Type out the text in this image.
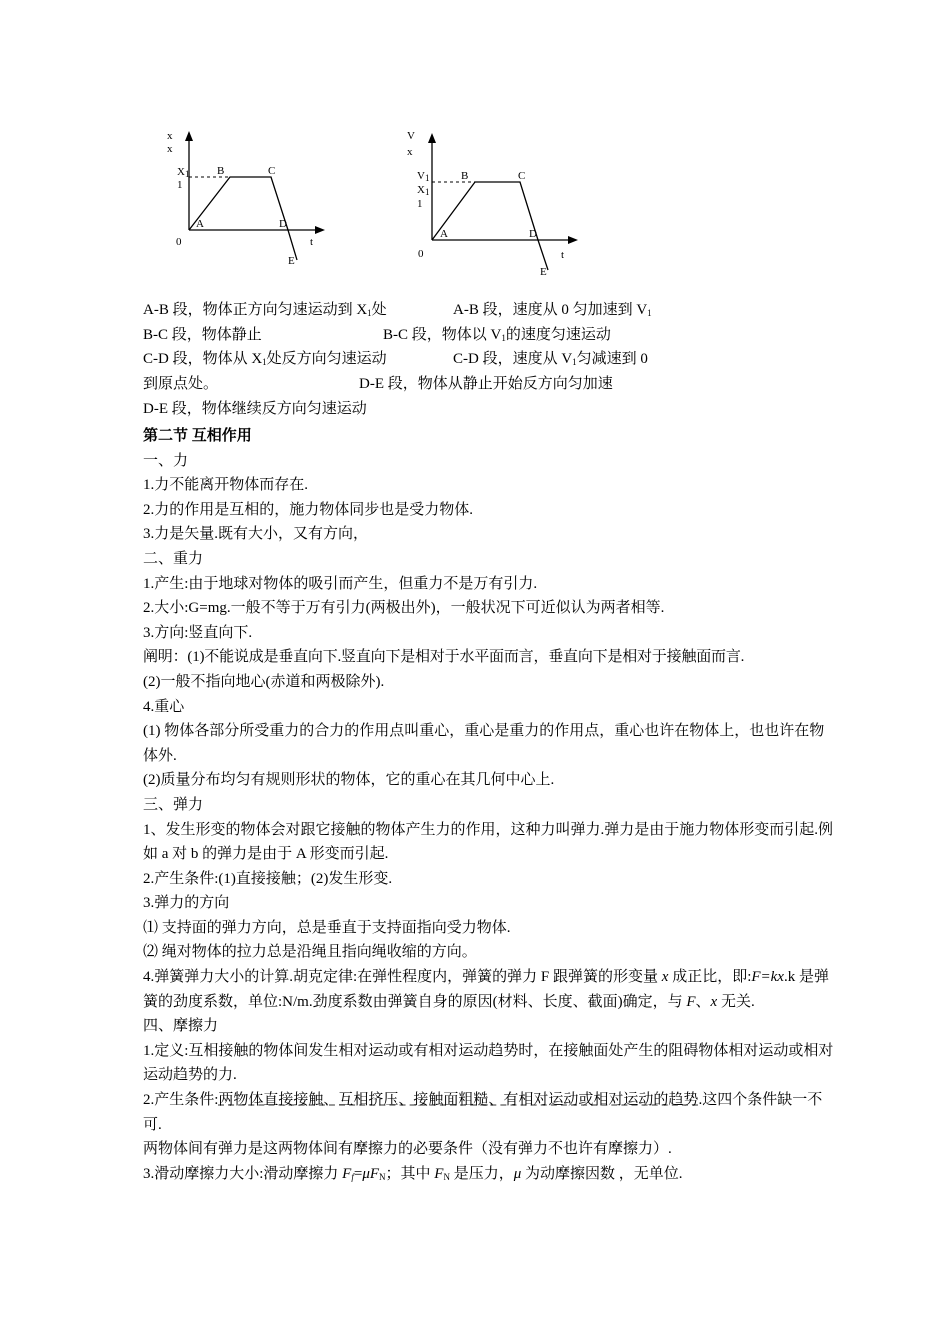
x
x
X1
1
0
A
B	C
D
E
t
V
x
V1
X1
1
0
A
B	C
D
E
t
A-B 段，物体正方向匀速运动到 $X_1$处	A-B 段，速度从 0 匀加速到 $V_1$
B-C 段，物体静止	B-C 段，物体以 $V_1$的速度匀速运动
C-D 段，物体从 $X_1$处反方向匀速运动	C-D 段，速度从 $V_1$匀减速到 0
到原点处。	D-E 段，物体从静止开始反方向匀加速
D-E 段，物体继续反方向匀速运动

第二节 互相作用

一、力

1.力不能离开物体而存在.

2.力的作用是互相的，施力物体同步也是受力物体.

3.力是矢量.既有大小，又有方向，

二、重力

1.产生:由于地球对物体的吸引而产生，但重力不是万有引力.

2.大小:G=mg.一般不等于万有引力(两极出外)，一般状况下可近似认为两者相等.

3.方向:竖直向下.

阐明：(1)不能说成是垂直向下.竖直向下是相对于水平面而言，垂直向下是相对于接触面而言.

(2)一般不指向地心(赤道和两极除外).

4.重心

(1) 物体各部分所受重力的合力的作用点叫重心，重心是重力的作用点，重心也许在物体上，也也许在物体外.

(2)质量分布均匀有规则形状的物体，它的重心在其几何中心上.

三、弹力

1、发生形变的物体会对跟它接触的物体产生力的作用，这种力叫弹力.弹力是由于施力物体形变而引起.例如 a 对 b 的弹力是由于 A 形变而引起.

2.产生条件:(1)直接接触；(2)发生形变.

3.弹力的方向

⑴ 支持面的弹力方向，总是垂直于支持面指向受力物体.

⑵ 绳对物体的拉力总是沿绳且指向绳收缩的方向。

4.弹簧弹力大小的计算.胡克定律:在弹性程度内，弹簧的弹力 F 跟弹簧的形变量 x 成正比，即:F=kx.k 是弹簧的劲度系数，单位:N/m.劲度系数由弹簧自身的原因(材料、长度、截面)确定，与 F、x 无关.

四、摩擦力

1.定义:互相接触的物体间发生相对运动或有相对运动趋势时，在接触面处产生的阻碍物体相对运动或相对运动趋势的力.

2.产生条件:两物体直接接触、互相挤压、接触面粗糙、有相对运动或相对运动的趋势.这四个条件缺一不可.

两物体间有弹力是这两物体间有摩擦力的必要条件（没有弹力不也许有摩擦力）.

3.滑动摩擦力大小:滑动摩擦力 $F_f=\mu F_N$；其中 $F_N$ 是压力，μ 为动摩擦因数 ，无单位.
